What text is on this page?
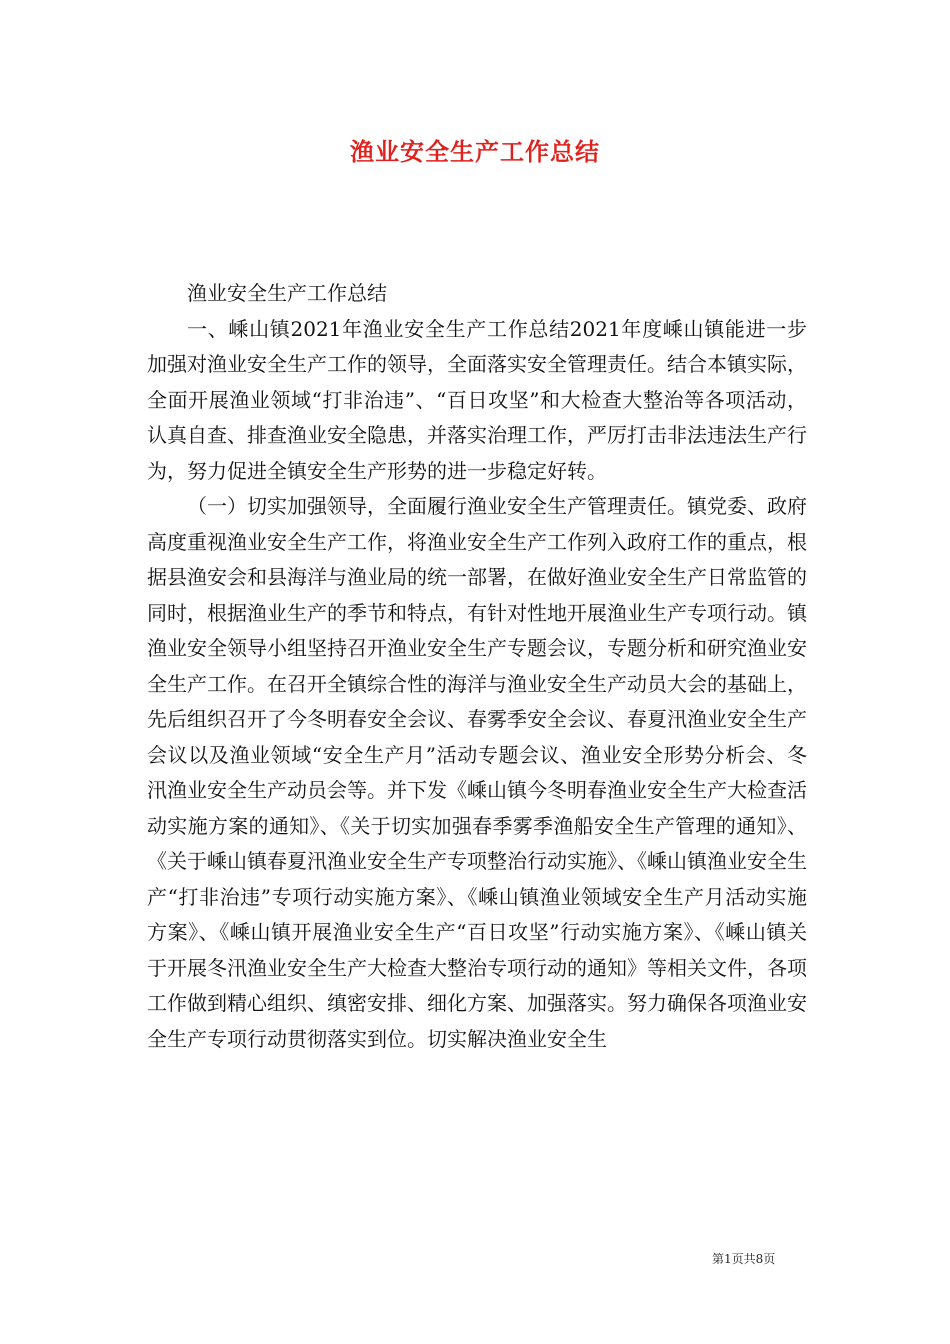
渔业安全生产工作总结

渔业安全生产工作总结

一、嵊山镇2021年渔业安全生产工作总结2021年度嵊山镇能进一步加强对渔业安全生产工作的领导，全面落实安全管理责任。结合本镇实际，全面开展渔业领域“打非治违”、“百日攻坚”和大检查大整治等各项活动，认真自查、排查渔业安全隐患，并落实治理工作，严厉打击非法违法生产行为，努力促进全镇安全生产形势的进一步稳定好转。

（一）切实加强领导，全面履行渔业安全生产管理责任。镇党委、政府高度重视渔业安全生产工作，将渔业安全生产工作列入政府工作的重点，根据县渔安会和县海洋与渔业局的统一部署，在做好渔业安全生产日常监管的同时，根据渔业生产的季节和特点，有针对性地开展渔业生产专项行动。镇渔业安全领导小组坚持召开渔业安全生产专题会议，专题分析和研究渔业安全生产工作。在召开全镇综合性的海洋与渔业安全生产动员大会的基础上，先后组织召开了今冬明春安全会议、春雾季安全会议、春夏汛渔业安全生产会议以及渔业领域“安全生产月”活动专题会议、渔业安全形势分析会、冬汛渔业安全生产动员会等。并下发《嵊山镇今冬明春渔业安全生产大检查活动实施方案的通知》、《关于切实加强春季雾季渔船安全生产管理的通知》、《关于嵊山镇春夏汛渔业安全生产专项整治行动实施》、《嵊山镇渔业安全生产“打非治违”专项行动实施方案》、《嵊山镇渔业领域安全生产月活动实施方案》、《嵊山镇开展渔业安全生产“百日攻坚”行动实施方案》、《嵊山镇关于开展冬汛渔业安全生产大检查大整治专项行动的通知》等相关文件，各项工作做到精心组织、缜密安排、细化方案、加强落实。努力确保各项渔业安全生产专项行动贯彻落实到位。切实解决渔业安全生

第1页共8页
